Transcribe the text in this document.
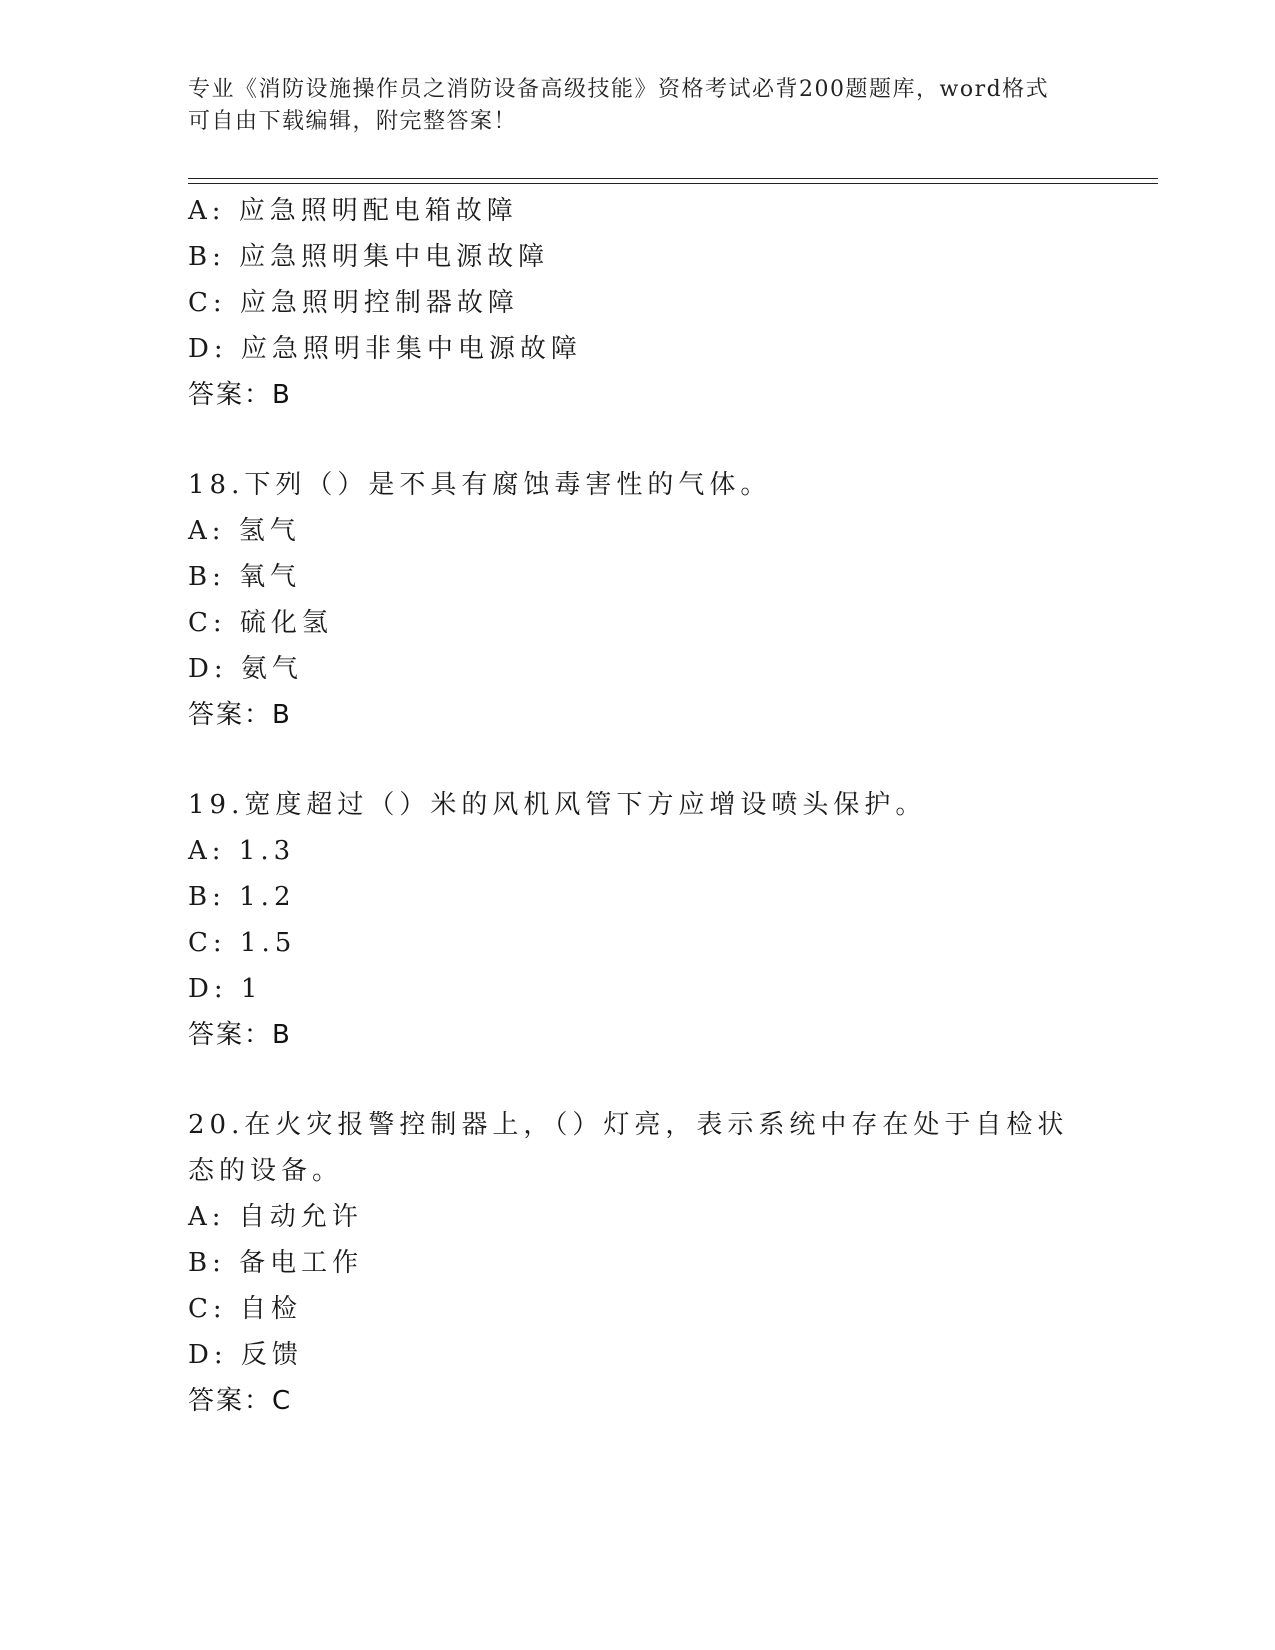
专业《消防设施操作员之消防设备高级技能》资格考试必背200题题库，word格式可自由下载编辑，附完整答案！
A: 应急照明配电箱故障
B: 应急照明集中电源故障
C: 应急照明控制器故障
D: 应急照明非集中电源故障
答案：B
18.下列（）是不具有腐蚀毒害性的气体。
A: 氢气
B: 氧气
C: 硫化氢
D: 氨气
答案：B
19.宽度超过（）米的风机风管下方应增设喷头保护。
A: 1.3
B: 1.2
C: 1.5
D: 1
答案：B
20.在火灾报警控制器上，（）灯亮，表示系统中存在处于自检状态的设备。
A: 自动允许
B: 备电工作
C: 自检
D: 反馈
答案：C
